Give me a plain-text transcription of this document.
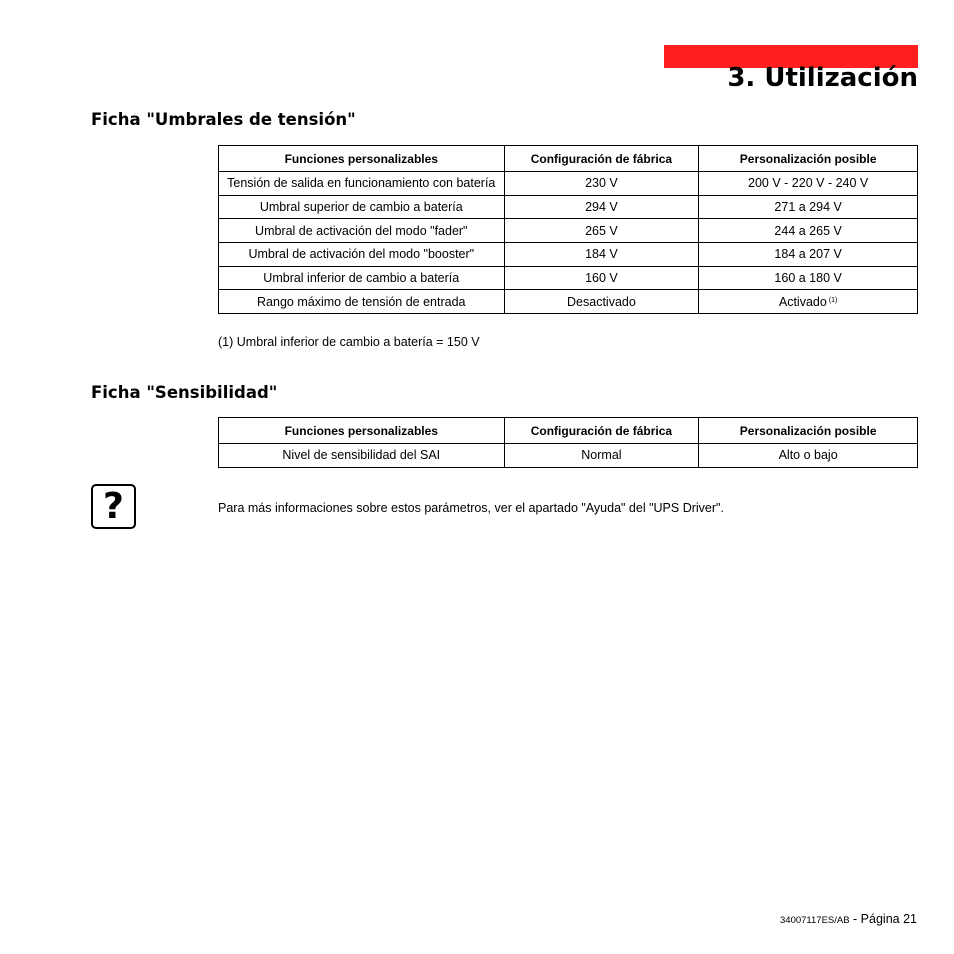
3. Utilización
Ficha "Umbrales de tensión"
Funciones personalizables	Configuración de fábrica	Personalización posible
Tensión de salida en funcionamiento con batería	230 V	200 V - 220 V - 240 V
Umbral superior de cambio a batería	294 V	271 a 294 V
Umbral de activación del modo "fader"	265 V	244 a 265 V
Umbral de activación del modo "booster"	184 V	184 a 207 V
Umbral inferior de cambio a batería	160 V	160 a 180 V
Rango máximo de tensión de entrada	Desactivado	Activado $^{(1)}$
(1) Umbral inferior de cambio a batería = 150 V
Ficha "Sensibilidad"
Funciones personalizables	Configuración de fábrica	Personalización posible
Nivel de sensibilidad del SAI	Normal	Alto o bajo
?	Para más informaciones sobre estos parámetros, ver el apartado "Ayuda" del "UPS Driver".
34007117ES/AB - Página 21
